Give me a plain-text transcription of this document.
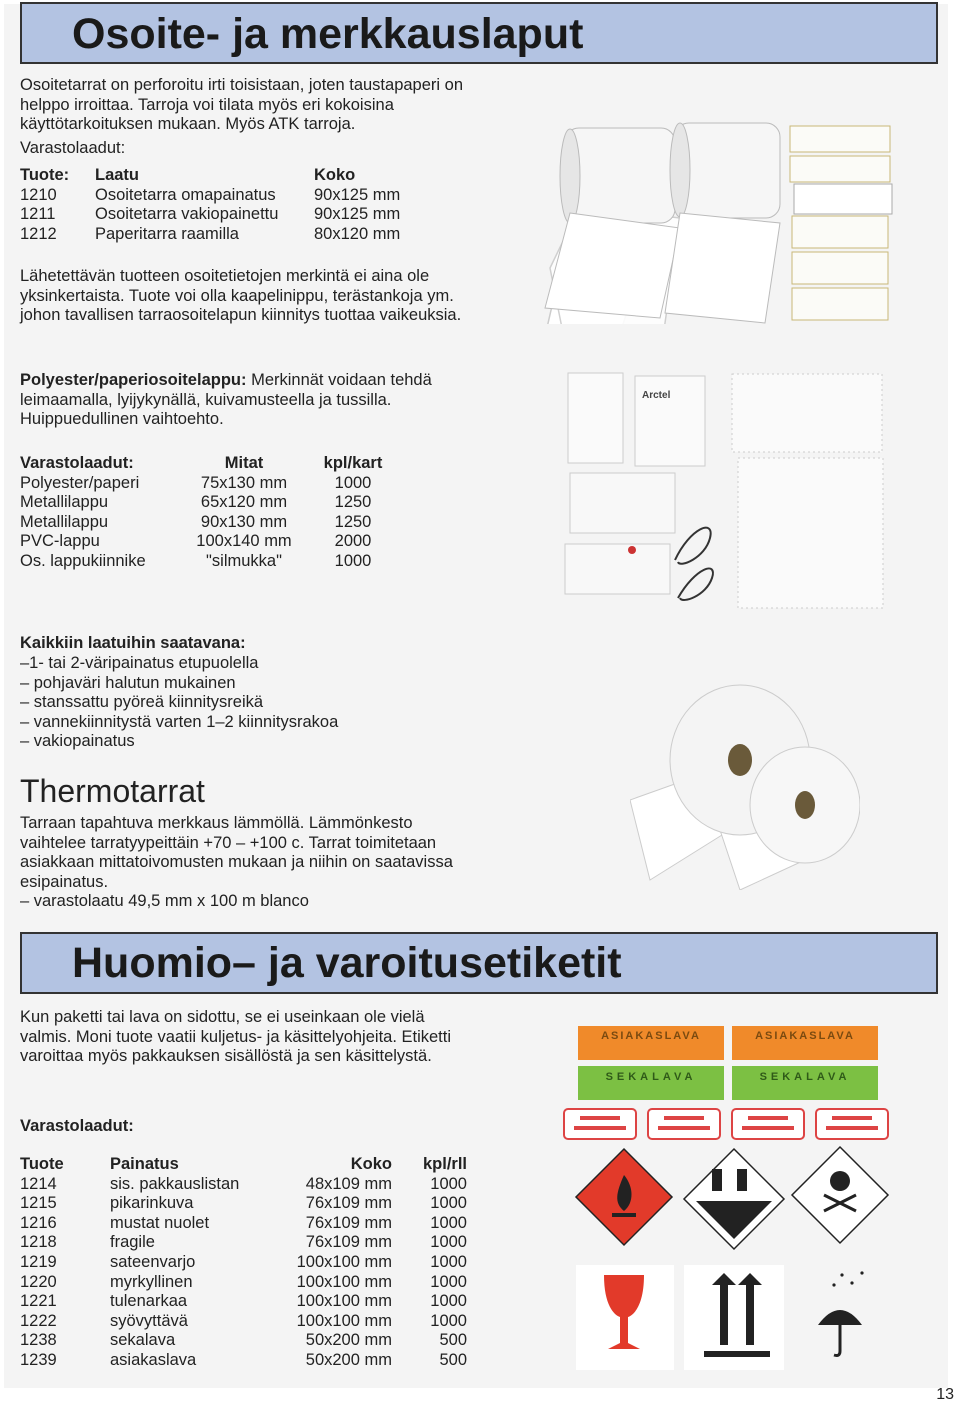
Osoite- ja merkkauslaput
Osoitetarrat on perforoitu irti toisistaan, joten taustapaperi on helppo irroittaa. Tarroja voi tilata myös eri kokoisina käyttötarkoituksen mukaan. Myös ATK tarroja.
Varastolaadut:
Tuote:	Laatu	Koko
1210	Osoitetarra omapainatus	90x125 mm
1211	Osoitetarra vakiopainettu	90x125 mm
1212	Paperitarra raamilla	80x120 mm
Lähetettävän tuotteen osoitetietojen merkintä ei aina ole yksinkertaista. Tuote voi olla kaapelinippu, terästankoja ym. johon tavallisen tarraosoitelapun kiinnitys tuottaa vaikeuksia.
Polyester/paperiosoitelappu: Merkinnät voidaan tehdä leimaamalla, lyijykynällä, kuivamusteella ja tussilla. Huippuedullinen vaihtoehto.
Varastolaadut:	Mitat	kpl/kart
Polyester/paperi	75x130 mm	1000
Metallilappu	65x120 mm	1250
Metallilappu	90x130 mm	1250
PVC-lappu	100x140 mm	2000
Os. lappukiinnike	"silmukka"	1000
Kaikkiin laatuihin saatavana:
–1- tai 2-väripainatus etupuolella
– pohjaväri halutun mukainen
– stanssattu pyöreä kiinnitysreikä
– vannekiinnitystä varten 1–2 kiinnitysrakoa
– vakiopainatus
Thermotarrat
Tarraan tapahtuva merkkaus lämmöllä. Lämmönkesto vaihtelee tarratyypeittäin +70 – +100 c. Tarrat toimitetaan asiakkaan mittatoivomusten mukaan ja niihin on saatavissa esipainatus.
– varastolaatu 49,5 mm x 100 m blanco
Huomio– ja varoitusetiketit
Kun paketti tai lava on sidottu, se ei useinkaan ole vielä valmis. Moni tuote vaatii kuljetus- ja käsittelyohjeita. Etiketti varoittaa myös pakkauksen sisällöstä ja sen käsittelystä.
Varastolaadut:
Tuote	Painatus	Koko	kpl/rll
1214	sis. pakkauslistan	48x109 mm	1000
1215	pikarinkuva	76x109 mm	1000
1216	mustat nuolet	76x109 mm	1000
1218	fragile	76x109 mm	1000
1219	sateenvarjo	100x100 mm	1000
1220	myrkyllinen	100x100 mm	1000
1221	tulenarkaa	100x100 mm	1000
1222	syövyttävä	100x100 mm	1000
1238	sekalava	50x200 mm	500
1239	asiakaslava	50x200 mm	500
Arctel
ASIAKASLAVA	ASIAKASLAVA
SEKALAVA	SEKALAVA
13
